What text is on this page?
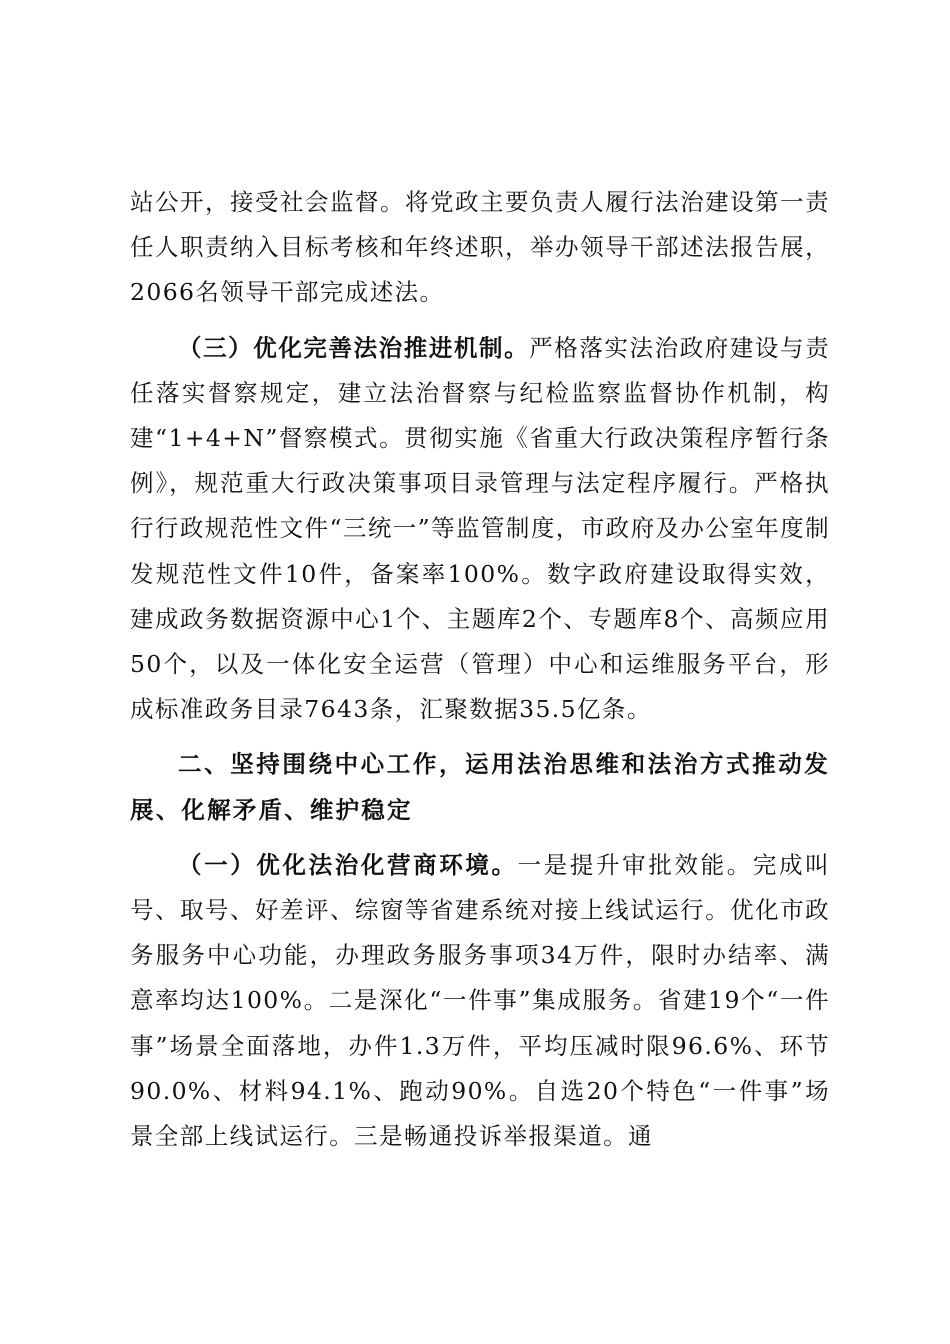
站公开，接受社会监督。将党政主要负责人履行法治建设第一责任人职责纳入目标考核和年终述职，举办领导干部述法报告展，2066名领导干部完成述法。

（三）优化完善法治推进机制。严格落实法治政府建设与责任落实督察规定，建立法治督察与纪检监察监督协作机制，构建“1+4+N”督察模式。贯彻实施《省重大行政决策程序暂行条例》，规范重大行政决策事项目录管理与法定程序履行。严格执行行政规范性文件“三统一”等监管制度，市政府及办公室年度制发规范性文件10件，备案率100%。数字政府建设取得实效，建成政务数据资源中心1个、主题库2个、专题库8个、高频应用50个，以及一体化安全运营（管理）中心和运维服务平台，形成标准政务目录7643条，汇聚数据35.5亿条。

二、坚持围绕中心工作，运用法治思维和法治方式推动发展、化解矛盾、维护稳定

（一）优化法治化营商环境。一是提升审批效能。完成叫号、取号、好差评、综窗等省建系统对接上线试运行。优化市政务服务中心功能，办理政务服务事项34万件，限时办结率、满意率均达100%。二是深化“一件事”集成服务。省建19个“一件事”场景全面落地，办件1.3万件，平均压减时限96.6%、环节90.0%、材料94.1%、跑动90%。自选20个特色“一件事”场景全部上线试运行。三是畅通投诉举报渠道。通
